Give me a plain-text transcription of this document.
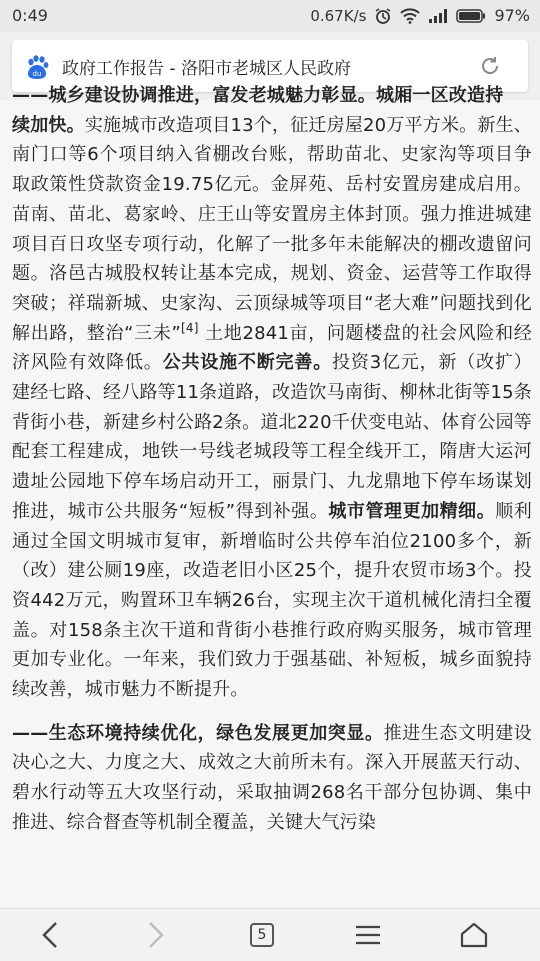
0:49	0.67K/s	97%
du 政府工作报告 - 洛阳市老城区人民政府

——城乡建设协调推进，富发老城魅力彰显。城厢一区改造持

续加快。实施城市改造项目13个，征迁房屋20万平方米。新生、南门口等6个项目纳入省棚改台账，帮助苗北、史家沟等项目争取政策性贷款资金19.75亿元。金屏苑、岳村安置房建成启用。苗南、苗北、葛家岭、庄王山等安置房主体封顶。强力推进城建项目百日攻坚专项行动，化解了一批多年未能解决的棚改遗留问题。洛邑古城股权转让基本完成，规划、资金、运营等工作取得突破；祥瑞新城、史家沟、云顶绿城等项目“老大难”问题找到化解出路，整治“三未”[4] 土地2841亩，问题楼盘的社会风险和经济风险有效降低。公共设施不断完善。投资3亿元，新（改扩）建经七路、经八路等11条道路，改造饮马南街、柳林北街等15条背街小巷，新建乡村公路2条。道北220千伏变电站、体育公园等配套工程建成，地铁一号线老城段等工程全线开工，隋唐大运河遗址公园地下停车场启动开工，丽景门、九龙鼎地下停车场谋划推进，城市公共服务“短板”得到补强。城市管理更加精细。顺利通过全国文明城市复审，新增临时公共停车泊位2100多个，新（改）建公厕19座，改造老旧小区25个，提升农贸市场3个。投资442万元，购置环卫车辆26台，实现主次干道机械化清扫全覆盖。对158条主次干道和背街小巷推行政府购买服务，城市管理更加专业化。一年来，我们致力于强基础、补短板，城乡面貌持续改善，城市魅力不断提升。

——生态环境持续优化，绿色发展更加突显。推进生态文明建设决心之大、力度之大、成效之大前所未有。深入开展蓝天行动、碧水行动等五大攻坚行动，采取抽调268名干部分包协调、集中推进、综合督查等机制全覆盖，关键大气污染

5
